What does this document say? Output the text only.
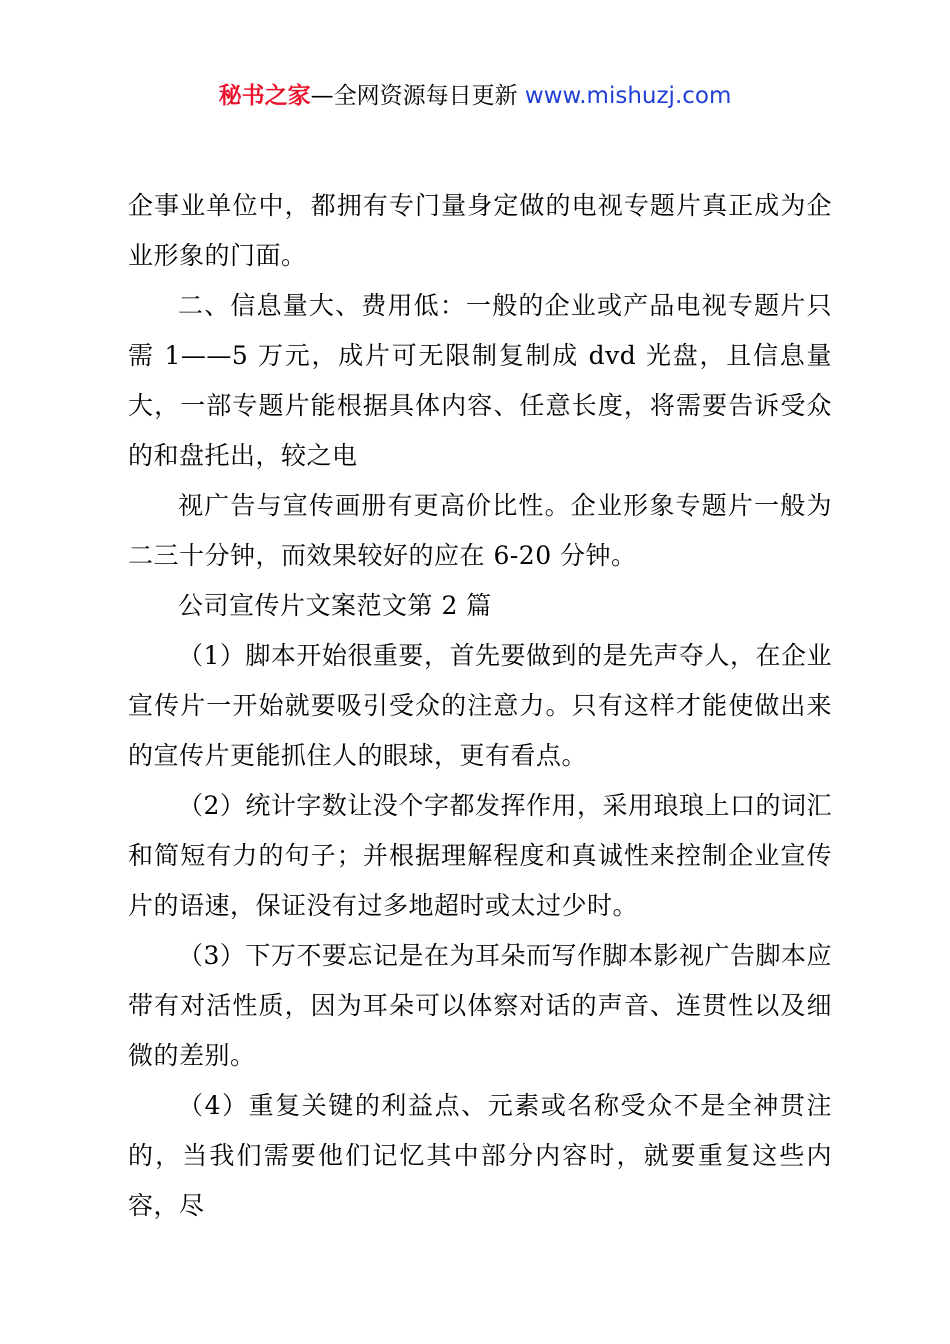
秘书之家—全网资源每日更新 www.mishuzj.com

企事业单位中，都拥有专门量身定做的电视专题片真正成为企业形象的门面。

二、信息量大、费用低：一般的企业或产品电视专题片只需 1——5 万元，成片可无限制复制成 dvd 光盘，且信息量大，一部专题片能根据具体内容、任意长度，将需要告诉受众的和盘托出，较之电

视广告与宣传画册有更高价比性。企业形象专题片一般为二三十分钟，而效果较好的应在 6-20 分钟。

公司宣传片文案范文第 2 篇

（1）脚本开始很重要，首先要做到的是先声夺人，在企业宣传片一开始就要吸引受众的注意力。只有这样才能使做出来的宣传片更能抓住人的眼球，更有看点。

（2）统计字数让没个字都发挥作用，采用琅琅上口的词汇和简短有力的句子；并根据理解程度和真诚性来控制企业宣传片的语速，保证没有过多地超时或太过少时。

（3）下万不要忘记是在为耳朵而写作脚本影视广告脚本应带有对活性质，因为耳朵可以体察对话的声音、连贯性以及细微的差别。

（4）重复关键的利益点、元素或名称受众不是全神贯注的，当我们需要他们记忆其中部分内容时，就要重复这些内容，尽
